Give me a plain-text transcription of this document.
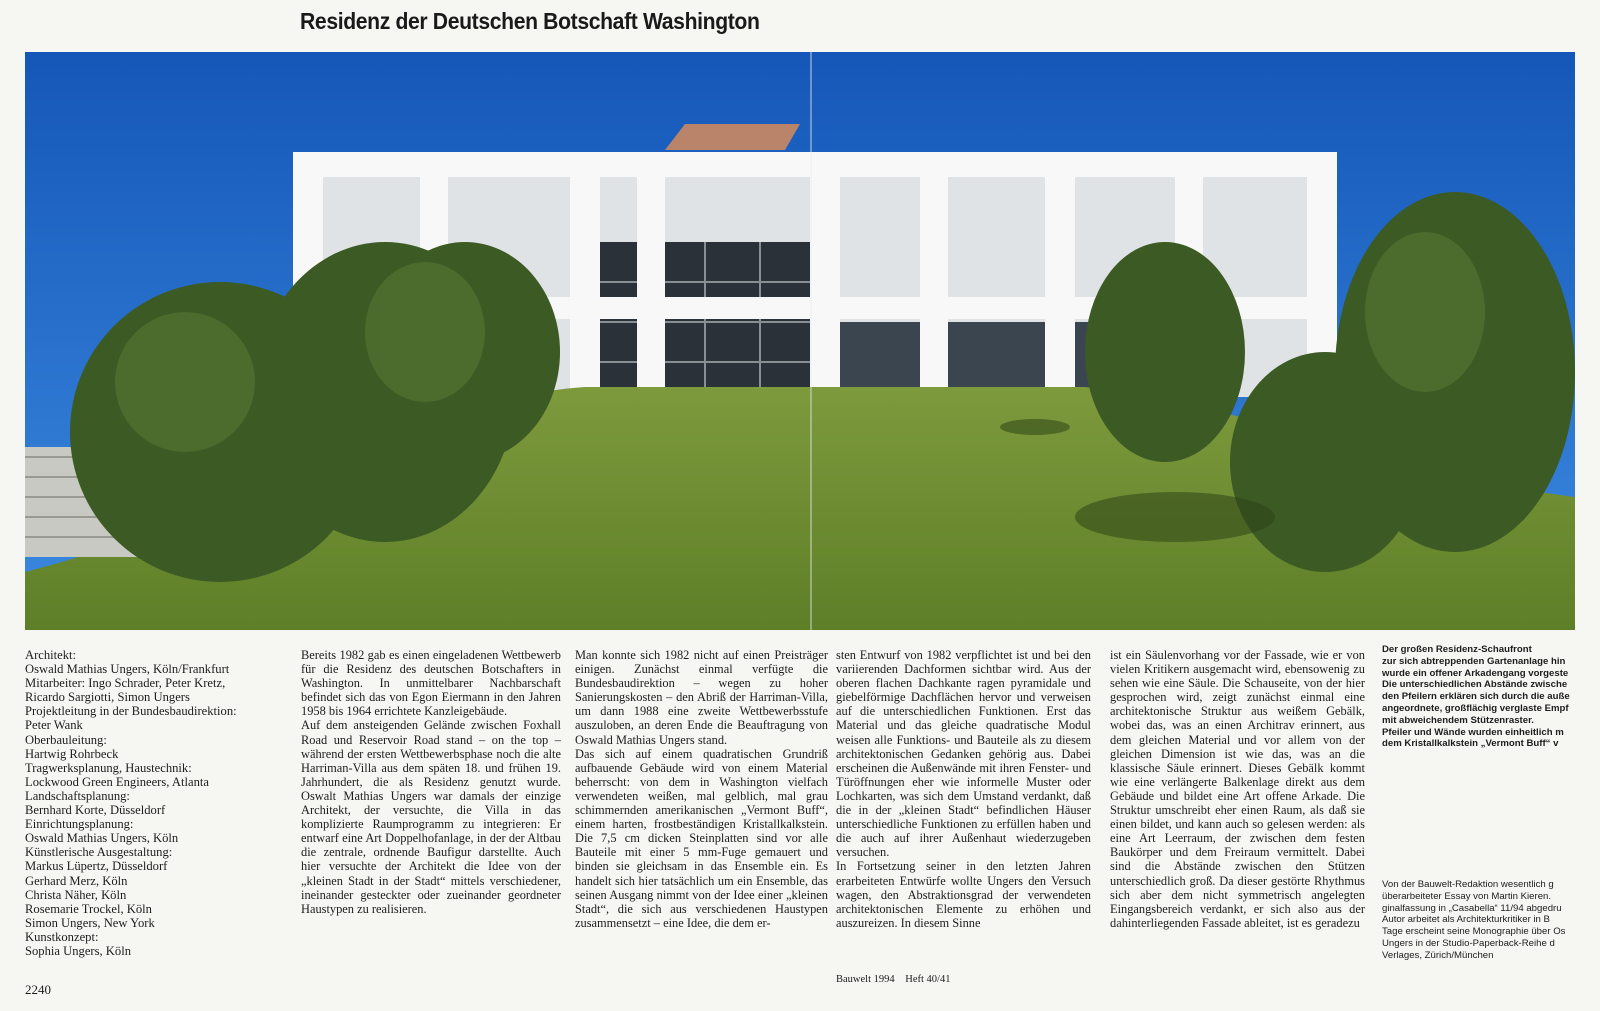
Residenz der Deutschen Botschaft Washington
Architekt:
Oswald Mathias Ungers, Köln/Frankfurt
Mitarbeiter: Ingo Schrader, Peter Kretz,
Ricardo Sargiotti, Simon Ungers
Projektleitung in der Bundesbaudirektion:
Peter Wank
Oberbauleitung:
Hartwig Rohrbeck
Tragwerksplanung, Haustechnik:
Lockwood Green Engineers, Atlanta
Landschaftsplanung:
Bernhard Korte, Düsseldorf
Einrichtungsplanung:
Oswald Mathias Ungers, Köln
Künstlerische Ausgestaltung:
Markus Lüpertz, Düsseldorf
Gerhard Merz, Köln
Christa Näher, Köln
Rosemarie Trockel, Köln
Simon Ungers, New York
Kunstkonzept:
Sophia Ungers, Köln

Bereits 1982 gab es einen eingeladenen Wettbewerb für die Residenz des deutschen Botschafters in Washington. In unmittelbarer Nachbarschaft befindet sich das von Egon Eiermann in den Jahren 1958 bis 1964 errichtete Kanzleigebäude.

Auf dem ansteigenden Gelände zwischen Foxhall Road und Reservoir Road stand – on the top – während der ersten Wettbewerbsphase noch die alte Harriman-Villa aus dem späten 18. und frühen 19. Jahrhundert, die als Residenz genutzt wurde. Oswalt Mathias Ungers war damals der einzige Architekt, der versuchte, die Villa in das komplizierte Raumprogramm zu integrieren: Er entwarf eine Art Doppelhofanlage, in der der Altbau die zentrale, ordnende Baufigur darstellte. Auch hier versuchte der Architekt die Idee von der „kleinen Stadt in der Stadt“ mittels verschiedener, ineinander gesteckter oder zueinander geordneter Haustypen zu realisieren.

Man konnte sich 1982 nicht auf einen Preisträger einigen. Zunächst einmal verfügte die Bundesbaudirektion – wegen zu hoher Sanierungskosten – den Abriß der Harriman-Villa, um dann 1988 eine zweite Wettbewerbsstufe auszuloben, an deren Ende die Beauftragung von Oswald Mathias Ungers stand.

Das sich auf einem quadratischen Grundriß aufbauende Gebäude wird von einem Material beherrscht: von dem in Washington vielfach verwendeten weißen, mal gelblich, mal grau schimmernden amerikanischen „Vermont Buff“, einem harten, frostbeständigen Kristallkalkstein. Die 7,5 cm dicken Steinplatten sind vor alle Bauteile mit einer 5 mm-Fuge gemauert und binden sie gleichsam in das Ensemble ein. Es handelt sich hier tatsächlich um ein Ensemble, das seinen Ausgang nimmt von der Idee einer „kleinen Stadt“, die sich aus verschiedenen Haustypen zusammensetzt – eine Idee, die dem er-

sten Entwurf von 1982 verpflichtet ist und bei den variierenden Dachformen sichtbar wird. Aus der oberen flachen Dachkante ragen pyramidale und giebelförmige Dachflächen hervor und verweisen auf die unterschiedlichen Funktionen. Erst das Material und das gleiche quadratische Modul weisen alle Funktions- und Bauteile als zu diesem architektonischen Gedanken gehörig aus. Dabei erscheinen die Außenwände mit ihren Fenster- und Türöffnungen eher wie informelle Muster oder Lochkarten, was sich dem Umstand verdankt, daß die in der „kleinen Stadt“ befindlichen Häuser unterschiedliche Funktionen zu erfüllen haben und die auch auf ihrer Außenhaut wiederzugeben versuchen.

In Fortsetzung seiner in den letzten Jahren erarbeiteten Entwürfe wollte Ungers den Versuch wagen, den Abstraktionsgrad der verwendeten architektonischen Elemente zu erhöhen und auszureizen. In diesem Sinne

ist ein Säulenvorhang vor der Fassade, wie er von vielen Kritikern ausgemacht wird, ebensowenig zu sehen wie eine Säule. Die Schauseite, von der hier gesprochen wird, zeigt zunächst einmal eine architektonische Struktur aus weißem Gebälk, wobei das, was an einen Architrav erinnert, aus dem gleichen Material und vor allem von der gleichen Dimension ist wie das, was an die klassische Säule erinnert. Dieses Gebälk kommt wie eine verlängerte Balkenlage direkt aus dem Gebäude und bildet eine Art offene Arkade. Die Struktur umschreibt eher einen Raum, als daß sie einen bildet, und kann auch so gelesen werden: als eine Art Leerraum, der zwischen dem festen Baukörper und dem Freiraum vermittelt. Dabei sind die Abstände zwischen den Stützen unterschiedlich groß. Da dieser gestörte Rhythmus sich aber dem nicht symmetrisch angelegten Eingangsbereich verdankt, er sich also aus der dahinterliegenden Fassade ableitet, ist es geradezu

Der großen Residenz-Schaufront
zur sich abtreppenden Gartenanlage hin
wurde ein offener Arkadengang vorgeste
Die unterschiedlichen Abstände zwische
den Pfeilern erklären sich durch die auße
angeordnete, großflächig verglaste Empf
mit abweichendem Stützenraster.
Pfeiler und Wände wurden einheitlich m
dem Kristallkalkstein „Vermont Buff“ v
Von der Bauwelt-Redaktion wesentlich g
überarbeiteter Essay von Martin Kieren.
ginalfassung in „Casabella“ 11/94 abgedru
Autor arbeitet als Architekturkritiker in B
Tage erscheint seine Monographie über Os
Ungers in der Studio-Paperback-Reihe d
Verlages, Zürich/München
2240
Bauwelt 1994 Heft 40/41
